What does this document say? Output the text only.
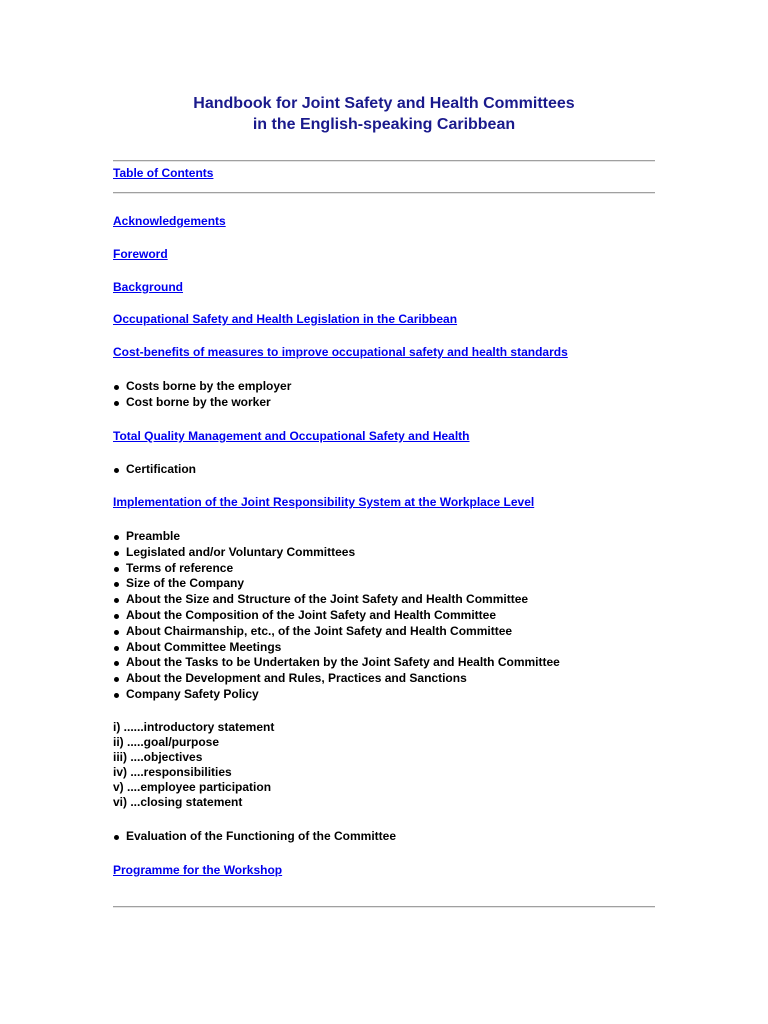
Handbook for Joint Safety and Health Committees
in the English-speaking Caribbean
Table of Contents
Acknowledgements
Foreword
Background
Occupational Safety and Health Legislation in the Caribbean
Cost-benefits of measures to improve occupational safety and health standards
Costs borne by the employer
Cost borne by the worker
Total Quality Management and Occupational Safety and Health
Certification
Implementation of the Joint Responsibility System at the Workplace Level
Preamble
Legislated and/or Voluntary Committees
Terms of reference
Size of the Company
About the Size and Structure of the Joint Safety and Health Committee
About the Composition of the Joint Safety and Health Committee
About Chairmanship, etc., of the Joint Safety and Health Committee
About Committee Meetings
About the Tasks to be Undertaken by the Joint Safety and Health Committee
About the Development and Rules, Practices and Sanctions
Company Safety Policy
i) ......introductory statement
ii) .....goal/purpose
iii) ....objectives
iv) ....responsibilities
v) ....employee participation
vi) ...closing statement
Evaluation of the Functioning of the Committee
Programme for the Workshop
